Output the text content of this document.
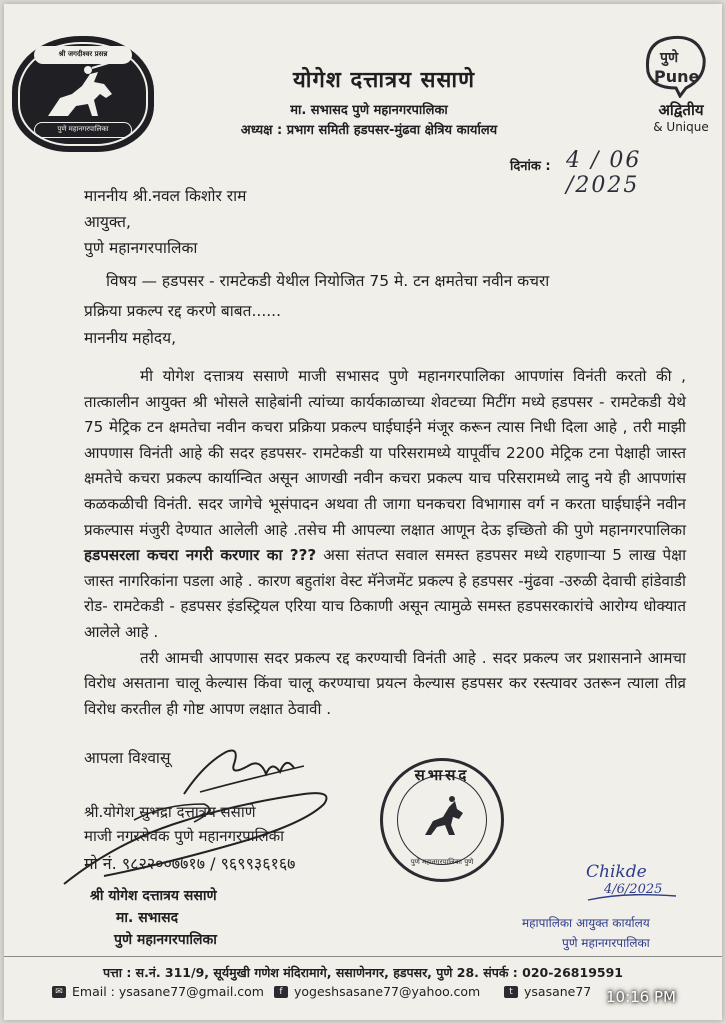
श्री जगदीश्वर प्रसन्न
पुणे महानगरपालिका
योगेश दत्तात्रय ससाणे
मा. सभासद पुणे महानगरपालिका
अध्यक्ष : प्रभाग समिती हडपसर-मुंढवा क्षेत्रिय कार्यालय
पुणे
Pune
अद्वितीय
& Unique
दिनांक : 4 / 06 /2025
माननीय श्री.नवल किशोर राम
आयुक्त,
पुणे महानगरपालिका
विषय — हडपसर - रामटेकडी येथील नियोजित 75 मे. टन क्षमतेचा नवीन कचरा
प्रक्रिया प्रकल्प रद्द करणे बाबत......
माननीय महोदय,

मी योगेश दत्तात्रय ससाणे माजी सभासद पुणे महानगरपालिका आपणांस विनंती करतो की , तात्कालीन आयुक्त श्री भोसले साहेबांनी त्यांच्या कार्यकाळाच्या शेवटच्या मिटींग मध्ये हडपसर - रामटेकडी येथे 75 मेट्रिक टन क्षमतेचा नवीन कचरा प्रक्रिया प्रकल्प घाईघाईने मंजूर करून त्यास निधी दिला आहे , तरी माझी आपणास विनंती आहे की सदर हडपसर- रामटेकडी या परिसरामध्ये यापूर्वीच 2200 मेट्रिक टना पेक्षाही जास्त क्षमतेचे कचरा प्रकल्प कार्यान्वित असून आणखी नवीन कचरा प्रकल्प याच परिसरामध्ये लादु नये ही आपणांस कळकळीची विनंती. सदर जागेचे भूसंपादन अथवा ती जागा घनकचरा विभागास वर्ग न करता घाईघाईने नवीन प्रकल्पास मंजुरी देण्यात आलेली आहे .तसेच मी आपल्या लक्षात आणून देऊ इच्छितो की पुणे महानगरपालिका हडपसरला कचरा नगरी करणार का ??? असा संतप्त सवाल समस्त हडपसर मध्ये राहणाऱ्या 5 लाख पेक्षा जास्त नागरिकांना पडला आहे . कारण बहुतांश वेस्ट मॅनेजमेंट प्रकल्प हे हडपसर -मुंढवा -उरुळी देवाची हांडेवाडी रोड- रामटेकडी - हडपसर इंडस्ट्रियल एरिया याच ठिकाणी असून त्यामुळे समस्त हडपसरकारांचे आरोग्य धोक्यात आलेले आहे .

तरी आमची आपणास सदर प्रकल्प रद्द करण्याची विनंती आहे . सदर प्रकल्प जर प्रशासनाने आमचा विरोध असताना चालू केल्यास किंवा चालू करण्याचा प्रयत्न केल्यास हडपसर कर रस्त्यावर उतरून त्याला तीव्र विरोध करतील ही गोष्ट आपण लक्षात ठेवावी .

आपला विश्वासू
श्री.योगेश सुभद्रा दत्तात्रय ससाणे
माजी नगरसेवक पुणे महानगरपालिका
मो नं. ९८२२००७७१७ / ९६९९३६१६७
श्री योगेश दत्तात्रय ससाणे
मा. सभासद
पुणे महानगरपालिका
सभासद
पुणे महानगरपालिका पुणे	Chikde
4/6/2025
महापालिका आयुक्त कार्यालय
पुणे महानगरपालिका
पत्ता : स.नं. 311/9, सूर्यमुखी गणेश मंदिरामागे, ससाणेनगर, हडपसर, पुणे 28. संपर्क : 020-26819591
✉ Email : ysasane77@gmail.com	f yogeshsasane77@yahoo.com	t ysasane77 10:16 PM
